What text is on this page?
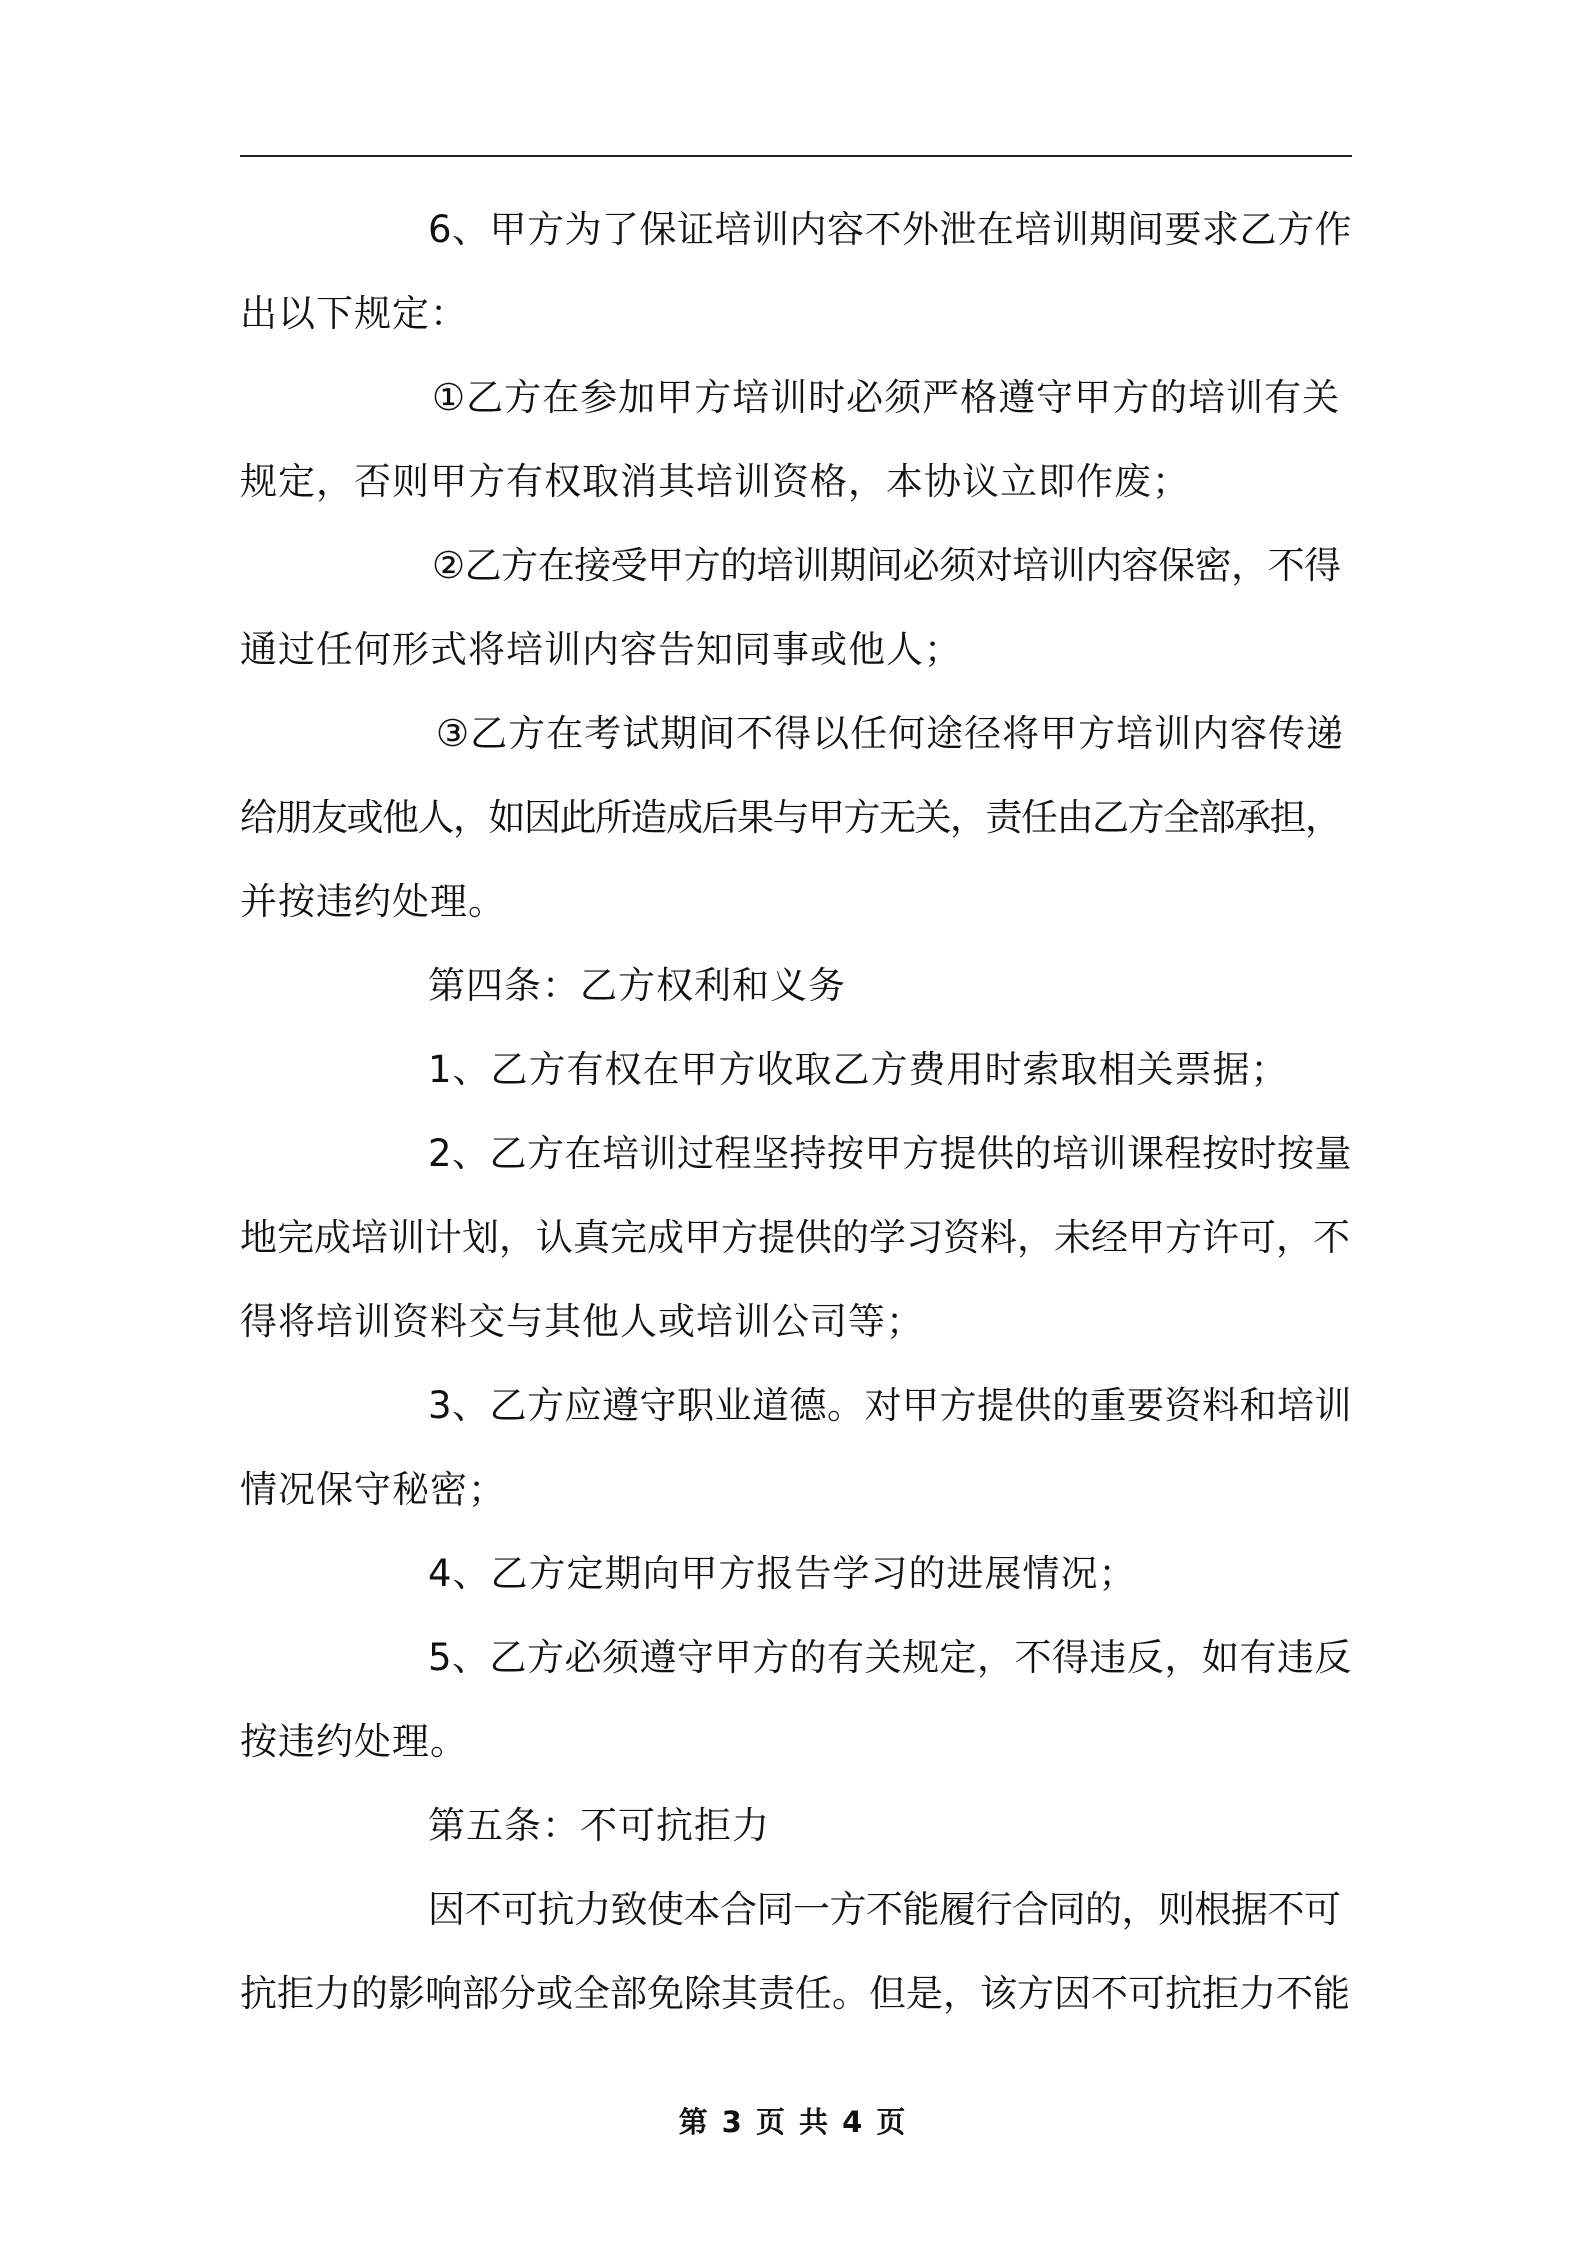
6、甲方为了保证培训内容不外泄在培训期间要求乙方作
出以下规定：
①乙方在参加甲方培训时必须严格遵守甲方的培训有关
规定，否则甲方有权取消其培训资格，本协议立即作废；
②乙方在接受甲方的培训期间必须对培训内容保密，不得
通过任何形式将培训内容告知同事或他人；
③乙方在考试期间不得以任何途径将甲方培训内容传递
给朋友或他人，如因此所造成后果与甲方无关，责任由乙方全部承担，
并按违约处理。
第四条：乙方权利和义务
1、乙方有权在甲方收取乙方费用时索取相关票据；
2、乙方在培训过程坚持按甲方提供的培训课程按时按量
地完成培训计划，认真完成甲方提供的学习资料，未经甲方许可，不
得将培训资料交与其他人或培训公司等；
3、乙方应遵守职业道德。对甲方提供的重要资料和培训
情况保守秘密；
4、乙方定期向甲方报告学习的进展情况；
5、乙方必须遵守甲方的有关规定，不得违反，如有违反
按违约处理。
第五条：不可抗拒力
因不可抗力致使本合同一方不能履行合同的，则根据不可
抗拒力的影响部分或全部免除其责任。但是，该方因不可抗拒力不能
第 3 页 共 4 页
